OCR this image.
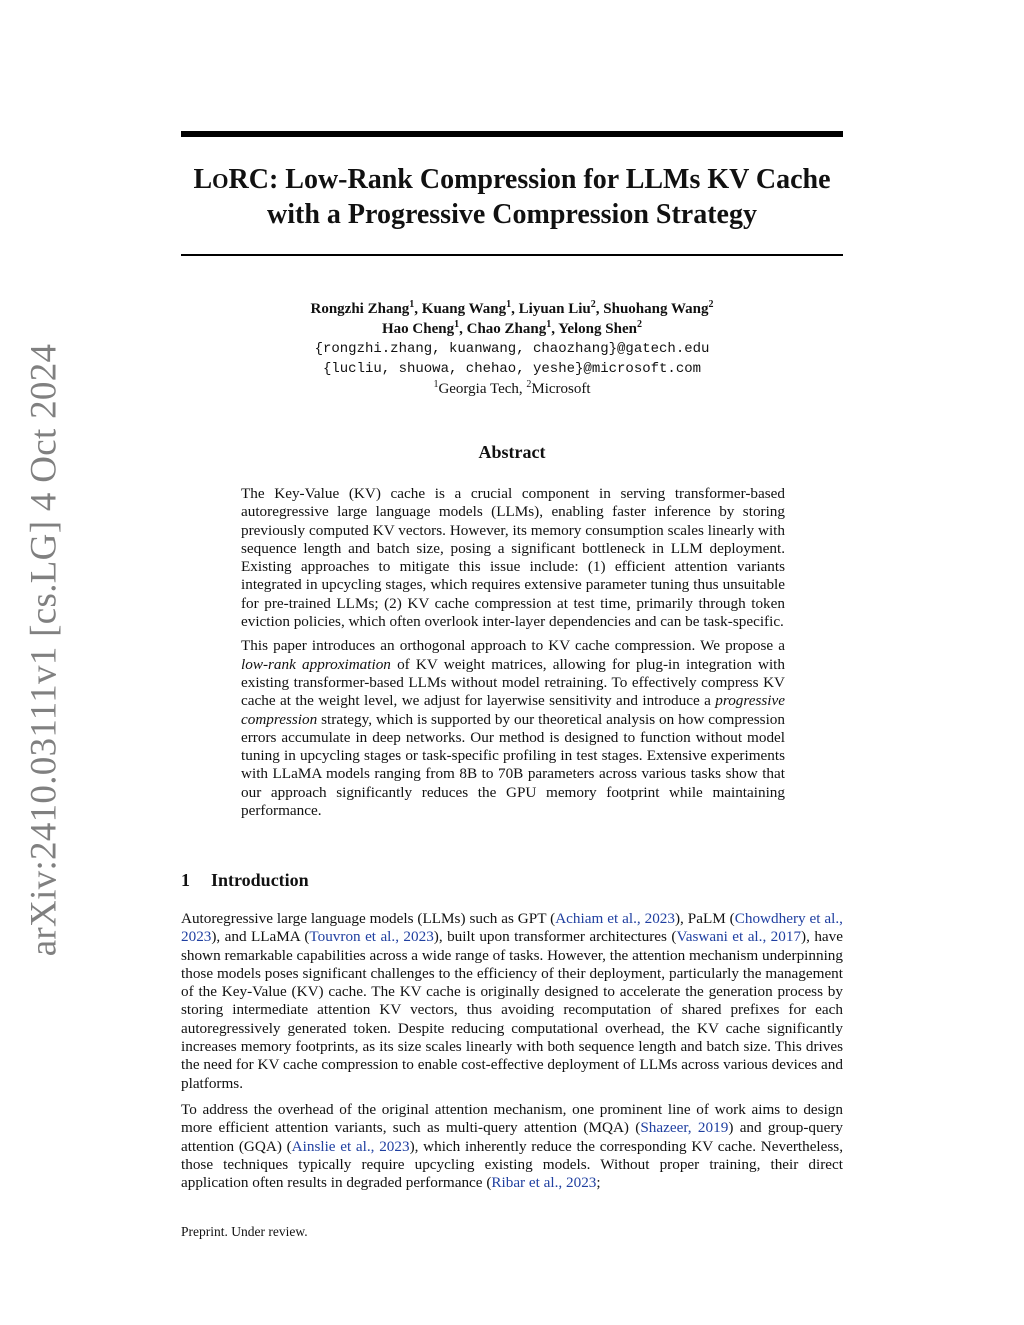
arXiv:2410.03111v1 [cs.LG] 4 Oct 2024
LORC: Low-Rank Compression for LLMs KV Cache
with a Progressive Compression Strategy
Rongzhi Zhang$^1$, Kuang Wang$^1$, Liyuan Liu$^2$, Shuohang Wang$^2$
Hao Cheng$^1$, Chao Zhang$^1$, Yelong Shen$^2$
{rongzhi.zhang, kuanwang, chaozhang}@gatech.edu
{lucliu, shuowa, chehao, yeshe}@microsoft.com
$^1$Georgia Tech, $^2$Microsoft
Abstract

The Key-Value (KV) cache is a crucial component in serving transformer-based autoregressive large language models (LLMs), enabling faster inference by storing previously computed KV vectors. However, its memory consumption scales linearly with sequence length and batch size, posing a significant bottleneck in LLM deployment. Existing approaches to mitigate this issue include: (1) efficient attention variants integrated in upcycling stages, which requires extensive parameter tuning thus unsuitable for pre-trained LLMs; (2) KV cache compression at test time, primarily through token eviction policies, which often overlook inter-layer dependencies and can be task-specific.

This paper introduces an orthogonal approach to KV cache compression. We propose a low-rank approximation of KV weight matrices, allowing for plug-in integration with existing transformer-based LLMs without model retraining. To effectively compress KV cache at the weight level, we adjust for layerwise sensitivity and introduce a progressive compression strategy, which is supported by our theoretical analysis on how compression errors accumulate in deep networks. Our method is designed to function without model tuning in upcycling stages or task-specific profiling in test stages. Extensive experiments with LLaMA models ranging from 8B to 70B parameters across various tasks show that our approach significantly reduces the GPU memory footprint while maintaining performance.

1 Introduction

Autoregressive large language models (LLMs) such as GPT (Achiam et al., 2023), PaLM (Chowdhery et al., 2023), and LLaMA (Touvron et al., 2023), built upon transformer architectures (Vaswani et al., 2017), have shown remarkable capabilities across a wide range of tasks. However, the attention mechanism underpinning those models poses significant challenges to the efficiency of their deployment, particularly the management of the Key-Value (KV) cache. The KV cache is originally designed to accelerate the generation process by storing intermediate attention KV vectors, thus avoiding recomputation of shared prefixes for each autoregressively generated token. Despite reducing computational overhead, the KV cache significantly increases memory footprints, as its size scales linearly with both sequence length and batch size. This drives the need for KV cache compression to enable cost-effective deployment of LLMs across various devices and platforms.

To address the overhead of the original attention mechanism, one prominent line of work aims to design more efficient attention variants, such as multi-query attention (MQA) (Shazeer, 2019) and group-query attention (GQA) (Ainslie et al., 2023), which inherently reduce the corresponding KV cache. Nevertheless, those techniques typically require upcycling existing models. Without proper training, their direct application often results in degraded performance (Ribar et al., 2023;

Preprint. Under review.
